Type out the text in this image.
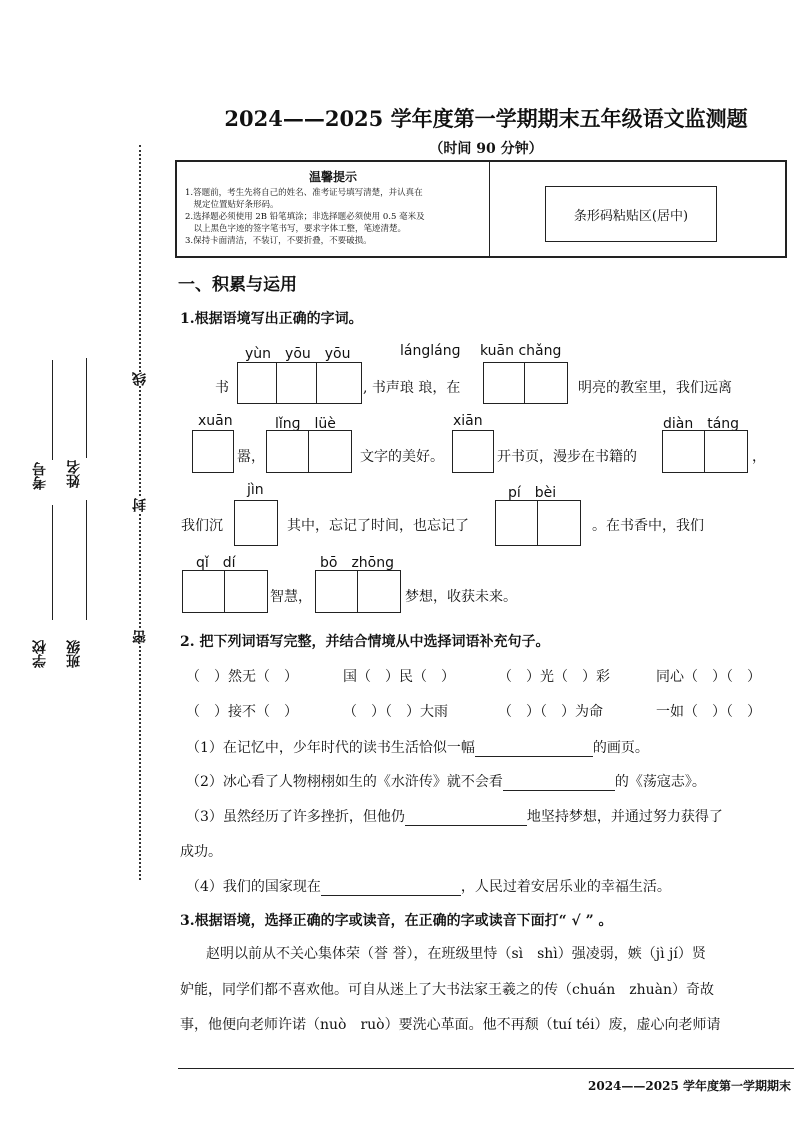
2024——2025 学年度第一学期期末五年级语文监测题
（时间 90 分钟）
温馨提示
1.答题前，考生先将自己的姓名、准考证号填写清楚，并认真在
　规定位置贴好条形码。
2.选择题必须使用 2B 铅笔填涂；非选择题必须使用 0.5 毫米及
　以上黑色字迹的签字笔书写，要求字体工整，笔迹清楚。
3.保持卡面清洁，不装订，不要折叠，不要破损。
条形码粘贴区(居中)
线
封
密
考号
学校
姓名
班级
一、积累与运用
1.根据语境写出正确的字词。
yùn　yōu　yōu	lánglánɡ kuān chǎng
书	, 书声琅 琅，在	明亮的教室里，我们远离
xuān	lǐnɡ　lüè	xiān	diàn　táng
嚣，	文字的美好。	开书页，漫步在书籍的	，
jìn	pí　bèi
我们沉	其中，忘记了时间，也忘记了	。在书香中，我们
qǐ　dí	bō　zhōng
智慧，	梦想，收获未来。
2. 把下列词语写完整，并结合情境从中选择词语补充句子。
（　）然无（　）	国（　）民（　）	（　）光（　）彩	同心（　）（　）
（　）接不（　）	（　）（　）大雨	（　）（　）为命	一如（　）（　）
（1）在记忆中，少年时代的读书生活恰似一幅	的画页。
（2）冰心看了人物栩栩如生的《水浒传》就不会看	的《荡寇志》。
（3）虽然经历了许多挫折，但他仍	地坚持梦想，并通过努力获得了
成功。
（4）我们的国家现在	，人民过着安居乐业的幸福生活。
3.根据语境，选择正确的字或读音，在正确的字或读音下面打“ √ ” 。
赵明以前从不关心集体荣（誉 誉），在班级里恃（sì　shì）强凌弱，嫉（jì jí）贤
妒能，同学们都不喜欢他。可自从迷上了大书法家王羲之的传（chuán　zhuàn）奇故
事，他便向老师许诺（nuò　ruò）要洗心革面。他不再颓（tuí téi）废，虚心向老师请
2024——2025 学年度第一学期期末
